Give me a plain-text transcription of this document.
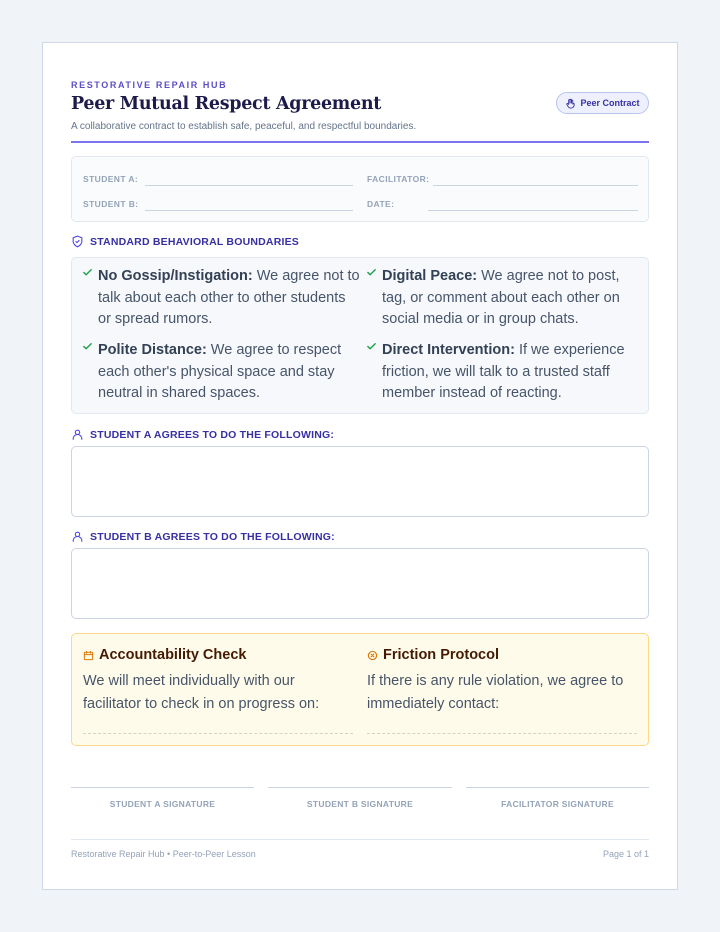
RESTORATIVE REPAIR HUB
Peer Mutual Respect Agreement
A collaborative contract to establish safe, peaceful, and respectful boundaries.
Peer Contract
STUDENT A:	FACILITATOR:
STUDENT B:	DATE:
STANDARD BEHAVIORAL BOUNDARIES
No Gossip/Instigation: We agree not to talk about each other to other students or spread rumors.
Digital Peace: We agree not to post, tag, or comment about each other on social media or in group chats.
Polite Distance: We agree to respect each other's physical space and stay neutral in shared spaces.
Direct Intervention: If we experience friction, we will talk to a trusted staff member instead of reacting.
STUDENT A AGREES TO DO THE FOLLOWING:
STUDENT B AGREES TO DO THE FOLLOWING:
Accountability Check
We will meet individually with our facilitator to check in on progress on:
Friction Protocol
If there is any rule violation, we agree to immediately contact:
STUDENT A SIGNATURE	STUDENT B SIGNATURE	FACILITATOR SIGNATURE
Restorative Repair Hub • Peer-to-Peer Lesson	Page 1 of 1
